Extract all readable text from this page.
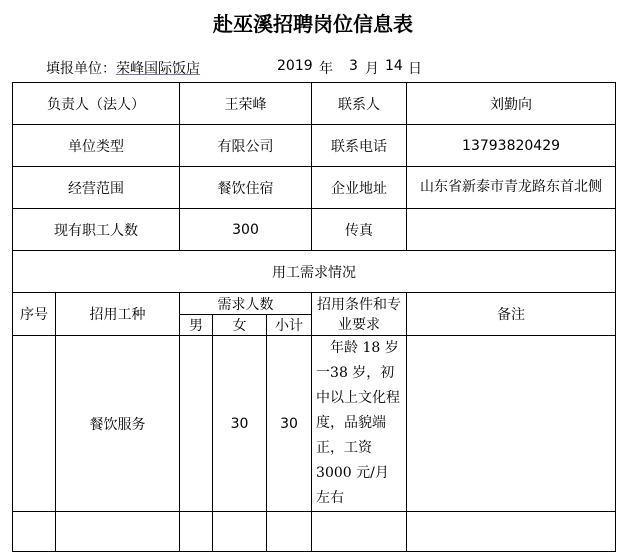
赴巫溪招聘岗位信息表
填报单位：荣峰国际饭店	2019 年 3 月 14 日
负责人（法人）		王荣峰			联系人	刘勤向
单位类型		有限公司			联系电话	13793820429
经营范围		餐饮住宿			企业地址	山东省新泰市青龙路东首北侧
现有职工人数		300			传真	
用工需求情况						
序号	招用工种	需求人数			招用条件和专业要求	备注
		男	女	小计		
	餐饮服务		30	30	　年龄 18 岁一38 岁，初中以上文化程度，品貌端正，工资 3000 元/月左右	
